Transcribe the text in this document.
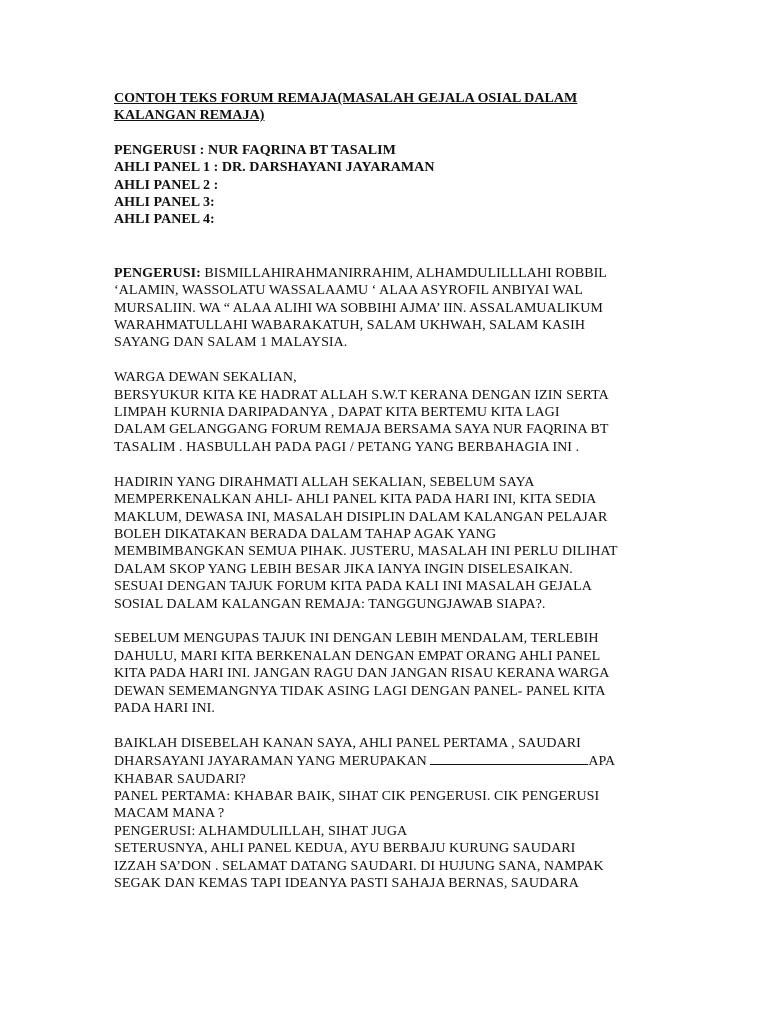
CONTOH TEKS FORUM REMAJA(MASALAH GEJALA OSIAL DALAM
KALANGAN REMAJA)
PENGERUSI : NUR FAQRINA BT TASALIM
AHLI PANEL 1 : DR. DARSHAYANI JAYARAMAN
AHLI PANEL 2 :
AHLI PANEL 3:
AHLI PANEL 4:
PENGERUSI: BISMILLAHIRAHMANIRRAHIM, ALHAMDULILLLAHI ROBBIL
‘ALAMIN, WASSOLATU WASSALAAMU ‘ ALAA ASYROFIL ANBIYAI WAL
MURSALIIN. WA “ ALAA ALIHI WA SOBBIHI AJMA’ IIN. ASSALAMUALIKUM
WARAHMATULLAHI WABARAKATUH, SALAM UKHWAH, SALAM KASIH
SAYANG DAN SALAM 1 MALAYSIA.
WARGA DEWAN SEKALIAN,
BERSYUKUR KITA KE HADRAT ALLAH S.W.T KERANA DENGAN IZIN SERTA
LIMPAH KURNIA DARIPADANYA , DAPAT KITA BERTEMU KITA LAGI
DALAM GELANGGANG FORUM REMAJA BERSAMA SAYA NUR FAQRINA BT
TASALIM . HASBULLAH PADA PAGI / PETANG YANG BERBAHAGIA INI .
HADIRIN YANG DIRAHMATI ALLAH SEKALIAN, SEBELUM SAYA
MEMPERKENALKAN AHLI- AHLI PANEL KITA PADA HARI INI, KITA SEDIA
MAKLUM, DEWASA INI, MASALAH DISIPLIN DALAM KALANGAN PELAJAR
BOLEH DIKATAKAN BERADA DALAM TAHAP AGAK YANG
MEMBIMBANGKAN SEMUA PIHAK. JUSTERU, MASALAH INI PERLU DILIHAT
DALAM SKOP YANG LEBIH BESAR JIKA IANYA INGIN DISELESAIKAN.
SESUAI DENGAN TAJUK FORUM KITA PADA KALI INI MASALAH GEJALA
SOSIAL DALAM KALANGAN REMAJA: TANGGUNGJAWAB SIAPA?.
SEBELUM MENGUPAS TAJUK INI DENGAN LEBIH MENDALAM, TERLEBIH
DAHULU, MARI KITA BERKENALAN DENGAN EMPAT ORANG AHLI PANEL
KITA PADA HARI INI. JANGAN RAGU DAN JANGAN RISAU KERANA WARGA
DEWAN SEMEMANGNYA TIDAK ASING LAGI DENGAN PANEL- PANEL KITA
PADA HARI INI.
BAIKLAH DISEBELAH KANAN SAYA, AHLI PANEL PERTAMA , SAUDARI
DHARSAYANI JAYARAMAN YANG MERUPAKAN	APA
KHABAR SAUDARI?
PANEL PERTAMA: KHABAR BAIK, SIHAT CIK PENGERUSI. CIK PENGERUSI
MACAM MANA ?
PENGERUSI: ALHAMDULILLAH, SIHAT JUGA
SETERUSNYA, AHLI PANEL KEDUA, AYU BERBAJU KURUNG SAUDARI
IZZAH SA’DON . SELAMAT DATANG SAUDARI. DI HUJUNG SANA, NAMPAK
SEGAK DAN KEMAS TAPI IDEANYA PASTI SAHAJA BERNAS, SAUDARA
